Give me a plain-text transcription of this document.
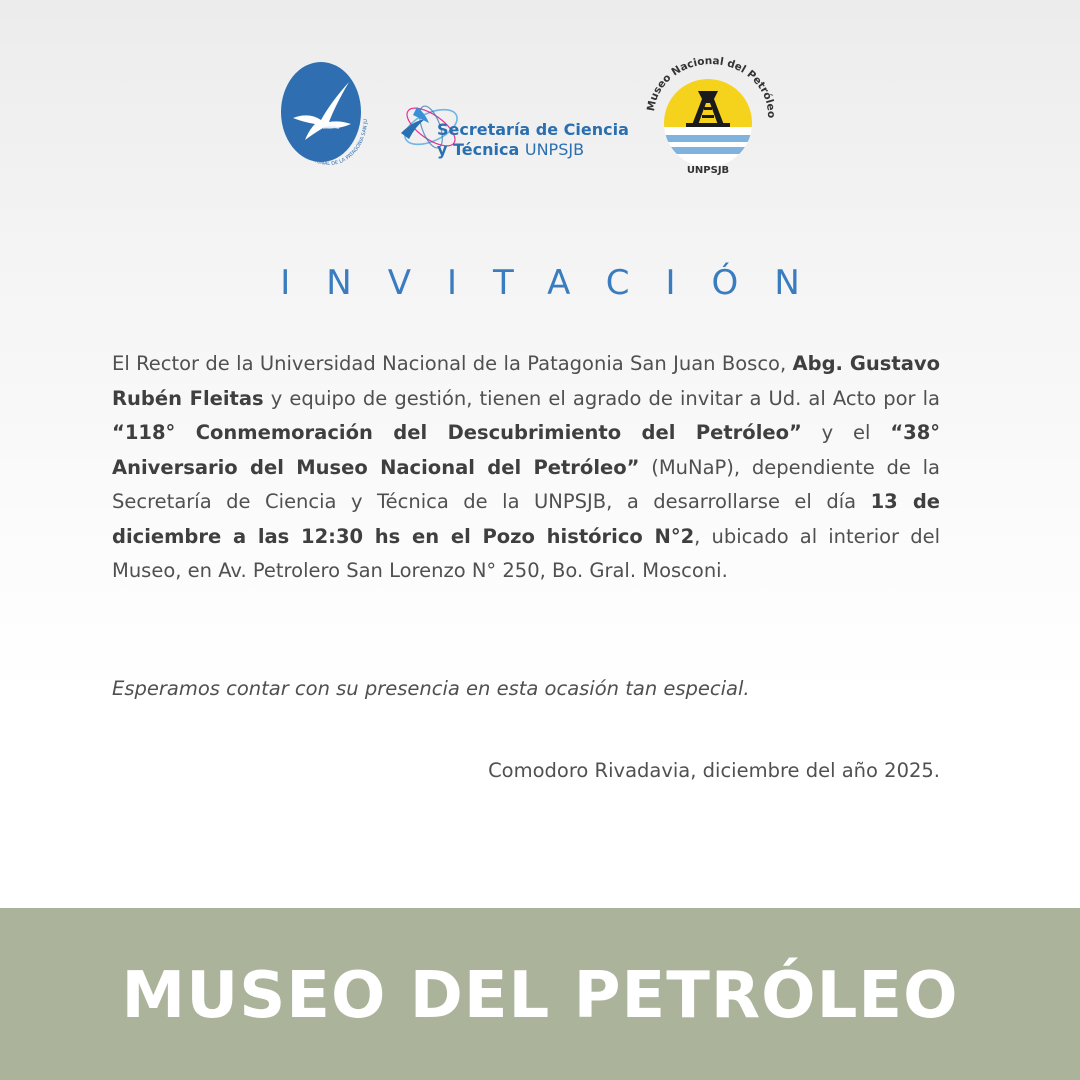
UNIVERSIDAD NACIONAL DE LA PATAGONIA SAN JU	Secretaría de Ciencia
y Técnica UNPSJB
Museo Nacional del Petróleo
UNPSJB
INVITACIÓN

El Rector de la Universidad Nacional de la Patagonia San Juan Bosco, Abg. Gustavo Rubén Fleitas y equipo de gestión, tienen el agrado de invitar a Ud. al Acto por la “118° Conmemoración del Descubrimiento del Petróleo” y el “38° Aniversario del Museo Nacional del Petróleo” (MuNaP), dependiente de la Secretaría de Ciencia y Técnica de la UNPSJB, a desarrollarse el día 13 de diciembre a las 12:30 hs en el Pozo histórico N°2, ubicado al interior del Museo, en Av. Petrolero San Lorenzo N° 250, Bo. Gral. Mosconi.

Esperamos contar con su presencia en esta ocasión tan especial.

Comodoro Rivadavia, diciembre del año 2025.

MUSEO DEL PETRÓLEO
